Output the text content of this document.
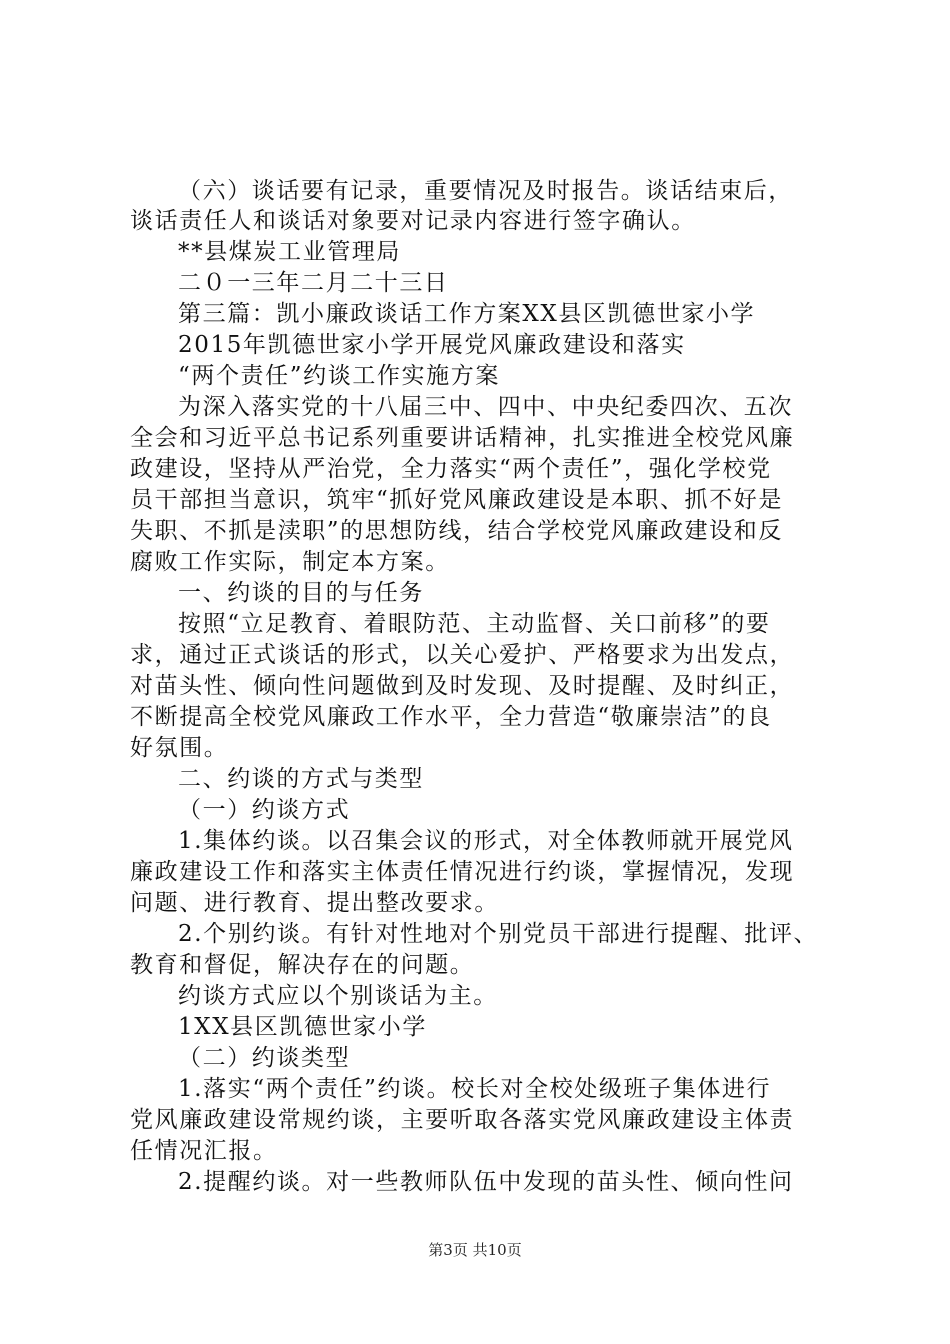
（六）谈话要有记录，重要情况及时报告。谈话结束后，
谈话责任人和谈话对象要对记录内容进行签字确认。
**县煤炭工业管理局
二０一三年二月二十三日
第三篇：凯小廉政谈话工作方案XX县区凯德世家小学
2015年凯德世家小学开展党风廉政建设和落实
“两个责任”约谈工作实施方案
为深入落实党的十八届三中、四中、中央纪委四次、五次
全会和习近平总书记系列重要讲话精神，扎实推进全校党风廉
政建设，坚持从严治党，全力落实“两个责任”，强化学校党
员干部担当意识，筑牢“抓好党风廉政建设是本职、抓不好是
失职、不抓是渎职”的思想防线，结合学校党风廉政建设和反
腐败工作实际，制定本方案。
一、约谈的目的与任务
按照“立足教育、着眼防范、主动监督、关口前移”的要
求，通过正式谈话的形式，以关心爱护、严格要求为出发点，
对苗头性、倾向性问题做到及时发现、及时提醒、及时纠正，
不断提高全校党风廉政工作水平，全力营造“敬廉崇洁”的良
好氛围。
二、约谈的方式与类型
（一）约谈方式
1.集体约谈。以召集会议的形式，对全体教师就开展党风
廉政建设工作和落实主体责任情况进行约谈，掌握情况，发现
问题、进行教育、提出整改要求。
2.个别约谈。有针对性地对个别党员干部进行提醒、批评、
教育和督促，解决存在的问题。
约谈方式应以个别谈话为主。
1XX县区凯德世家小学
（二）约谈类型
1.落实“两个责任”约谈。校长对全校处级班子集体进行
党风廉政建设常规约谈，主要听取各落实党风廉政建设主体责
任情况汇报。
2.提醒约谈。对一些教师队伍中发现的苗头性、倾向性问
第3页 共10页
